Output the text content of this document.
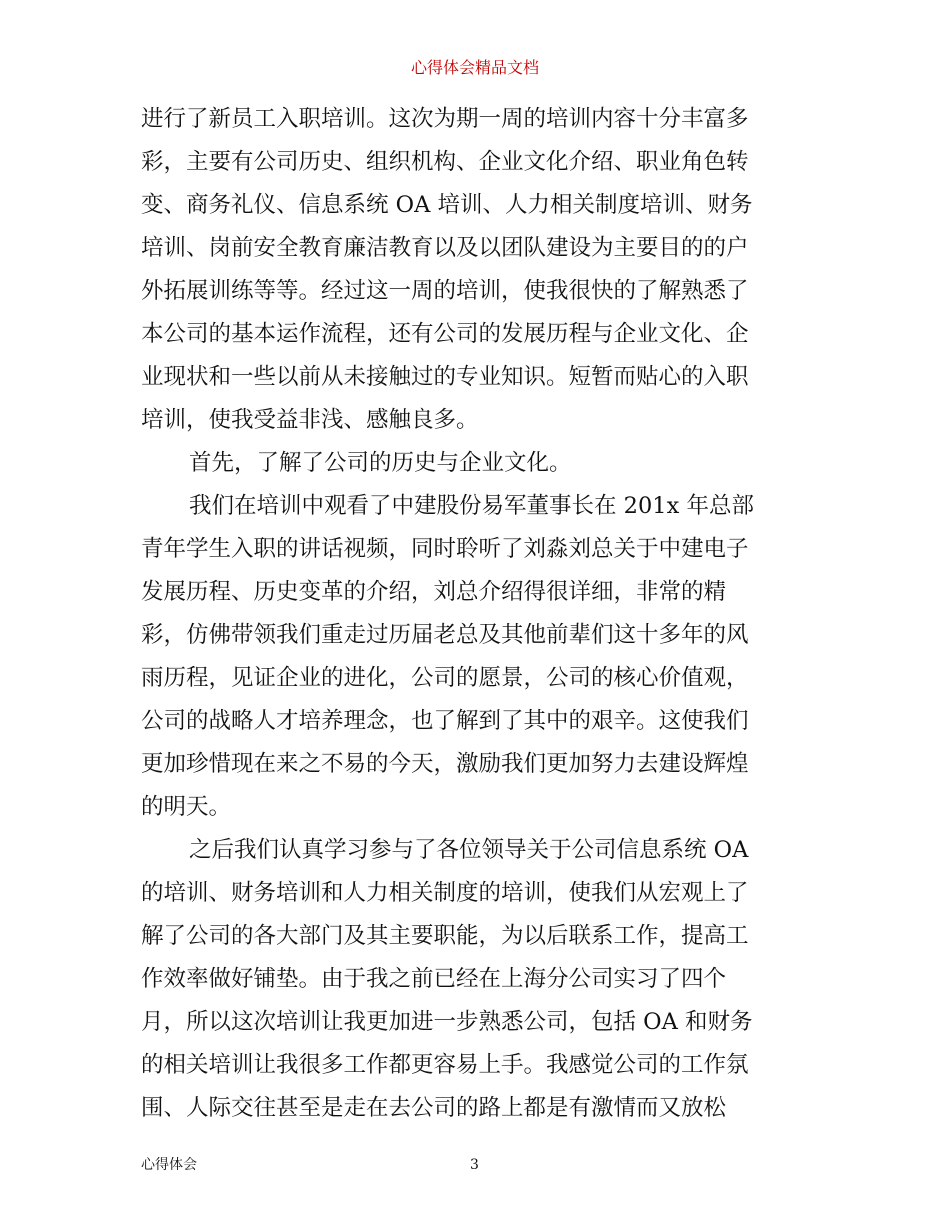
心得体会精品文档
进行了新员工入职培训。这次为期一周的培训内容十分丰富多
彩，主要有公司历史、组织机构、企业文化介绍、职业角色转
变、商务礼仪、信息系统 OA 培训、人力相关制度培训、财务
培训、岗前安全教育廉洁教育以及以团队建设为主要目的的户
外拓展训练等等。经过这一周的培训，使我很快的了解熟悉了
本公司的基本运作流程，还有公司的发展历程与企业文化、企
业现状和一些以前从未接触过的专业知识。短暂而贴心的入职
培训，使我受益非浅、感触良多。
首先，了解了公司的历史与企业文化。
我们在培训中观看了中建股份易军董事长在 201x 年总部
青年学生入职的讲话视频，同时聆听了刘淼刘总关于中建电子
发展历程、历史变革的介绍，刘总介绍得很详细，非常的精
彩，仿佛带领我们重走过历届老总及其他前辈们这十多年的风
雨历程，见证企业的进化，公司的愿景，公司的核心价值观，
公司的战略人才培养理念，也了解到了其中的艰辛。这使我们
更加珍惜现在来之不易的今天，激励我们更加努力去建设辉煌
的明天。
之后我们认真学习参与了各位领导关于公司信息系统 OA
的培训、财务培训和人力相关制度的培训，使我们从宏观上了
解了公司的各大部门及其主要职能，为以后联系工作，提高工
作效率做好铺垫。由于我之前已经在上海分公司实习了四个
月，所以这次培训让我更加进一步熟悉公司，包括 OA 和财务
的相关培训让我很多工作都更容易上手。我感觉公司的工作氛
围、人际交往甚至是走在去公司的路上都是有激情而又放松
心得体会	3
